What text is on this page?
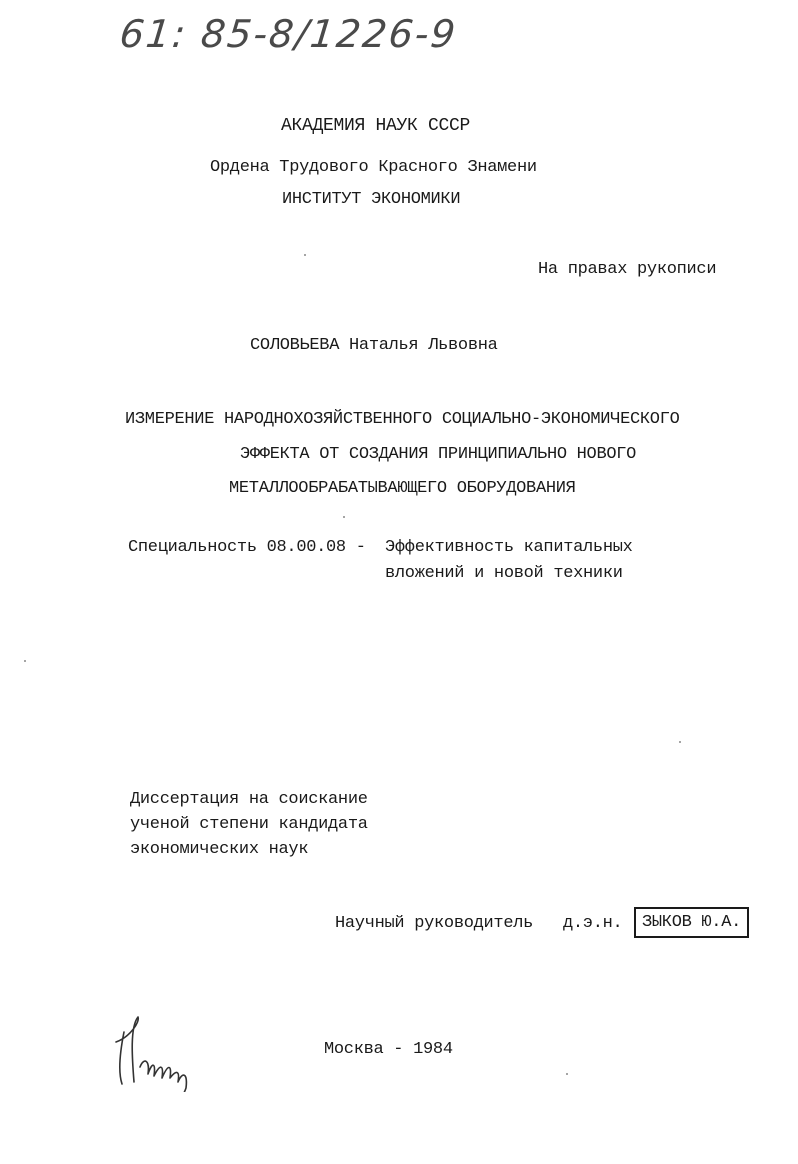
61: 85-8/1226-9
АКАДЕМИЯ НАУК СССР
Ордена Трудового Красного Знамени
ИНСТИТУТ ЭКОНОМИКИ
На правах рукописи
СОЛОВЬЕВА Наталья Львовна
ИЗМЕРЕНИЕ НАРОДНОХОЗЯЙСТВЕННОГО СОЦИАЛЬНО-ЭКОНОМИЧЕСКОГО
ЭФФЕКТА ОТ СОЗДАНИЯ ПРИНЦИПИАЛЬНО НОВОГО
МЕТАЛЛООБРАБАТЫВАЮЩЕГО ОБОРУДОВАНИЯ
Специальность 08.00.08 - Эффективность капитальных
вложений и новой техники
Диссертация на соискание
ученой степени кандидата
экономических наук
Научный руководитель д.э.н.	ЗЫКОВ Ю.А.
Москва - 1984
